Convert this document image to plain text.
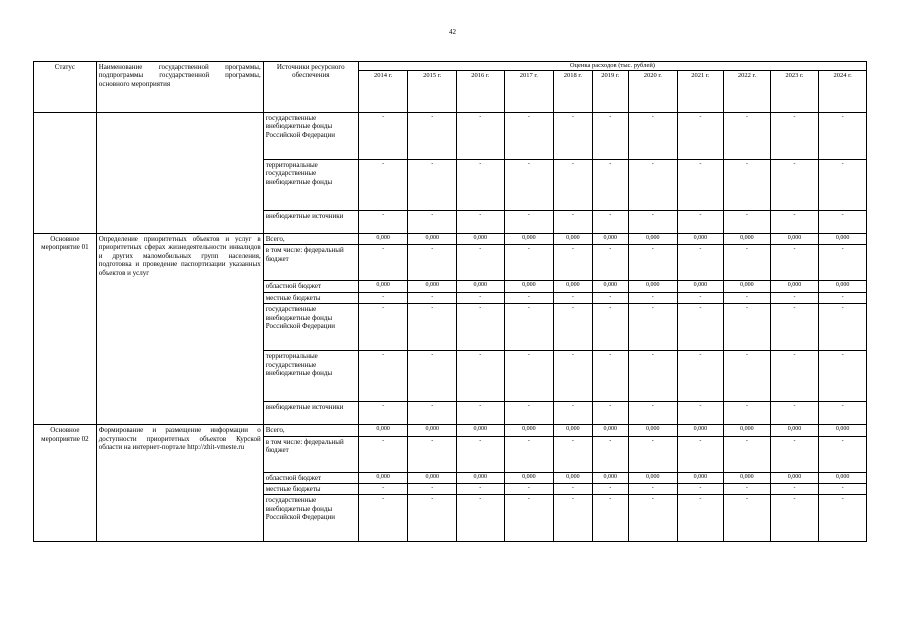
42
Статус	Наименование государственной программы, подпрограммы государственной программы, основного мероприятия	Источники ресурсного обеспечения	Оценка расходов (тыс. рублей)										
			2014 г.	2015 г.	2016 г.	2017 г.	2018 г.	2019 г.	2020 г.	2021 г.	2022 г.	2023 г.	2024 г.
		государственные внебюджетные фонды Российской Федерации	-	-	-	-	-	-	-	-	-	-	-
		территориальные государственные внебюджетные фонды	-	-	-	-	-	-	-	-	-	-	-
		внебюджетные источники	-	-	-	-	-	-	-	-	-	-	-
Основное мероприятие 01	Определение приоритетных объектов и услуг в приоритетных сферах жизнедеятельности инвалидов и других маломобильных групп населения, подготовка и проведение паспортизации указанных объектов и услуг	Всего,	0,000	0,000	0,000	0,000	0,000	0,000	0,000	0,000	0,000	0,000	0,000
		в том числе: федеральный бюджет	-	-	-	-	-	-	-	-	-	-	-
		областной бюджет	0,000	0,000	0,000	0,000	0,000	0,000	0,000	0,000	0,000	0,000	0,000
		местные бюджеты	-	-	-	-	-	-	-	-	-	-	-
		государственные внебюджетные фонды Российской Федерации	-	-	-	-	-	-	-	-	-	-	-
		территориальные государственные внебюджетные фонды	-	-	-	-	-	-	-	-	-	-	-
		внебюджетные источники	-	-	-	-	-	-	-	-	-	-	-
Основное мероприятие 02	Формирование и размещение информации о доступности приоритетных объектов Курской области на интернет-портале http://zhit-vmeste.ru	Всего,	0,000	0,000	0,000	0,000	0,000	0,000	0,000	0,000	0,000	0,000	0,000
		в том числе: федеральный бюджет	-	-	-	-	-	-	-	-	-	-	-
		областной бюджет	0,000	0,000	0,000	0,000	0,000	0,000	0,000	0,000	0,000	0,000	0,000
		местные бюджеты	-	-	-	-	-	-	-	-	-	-	-
		государственные внебюджетные фонды Российской Федерации	-	-	-	-	-	-	-	-	-	-	-
